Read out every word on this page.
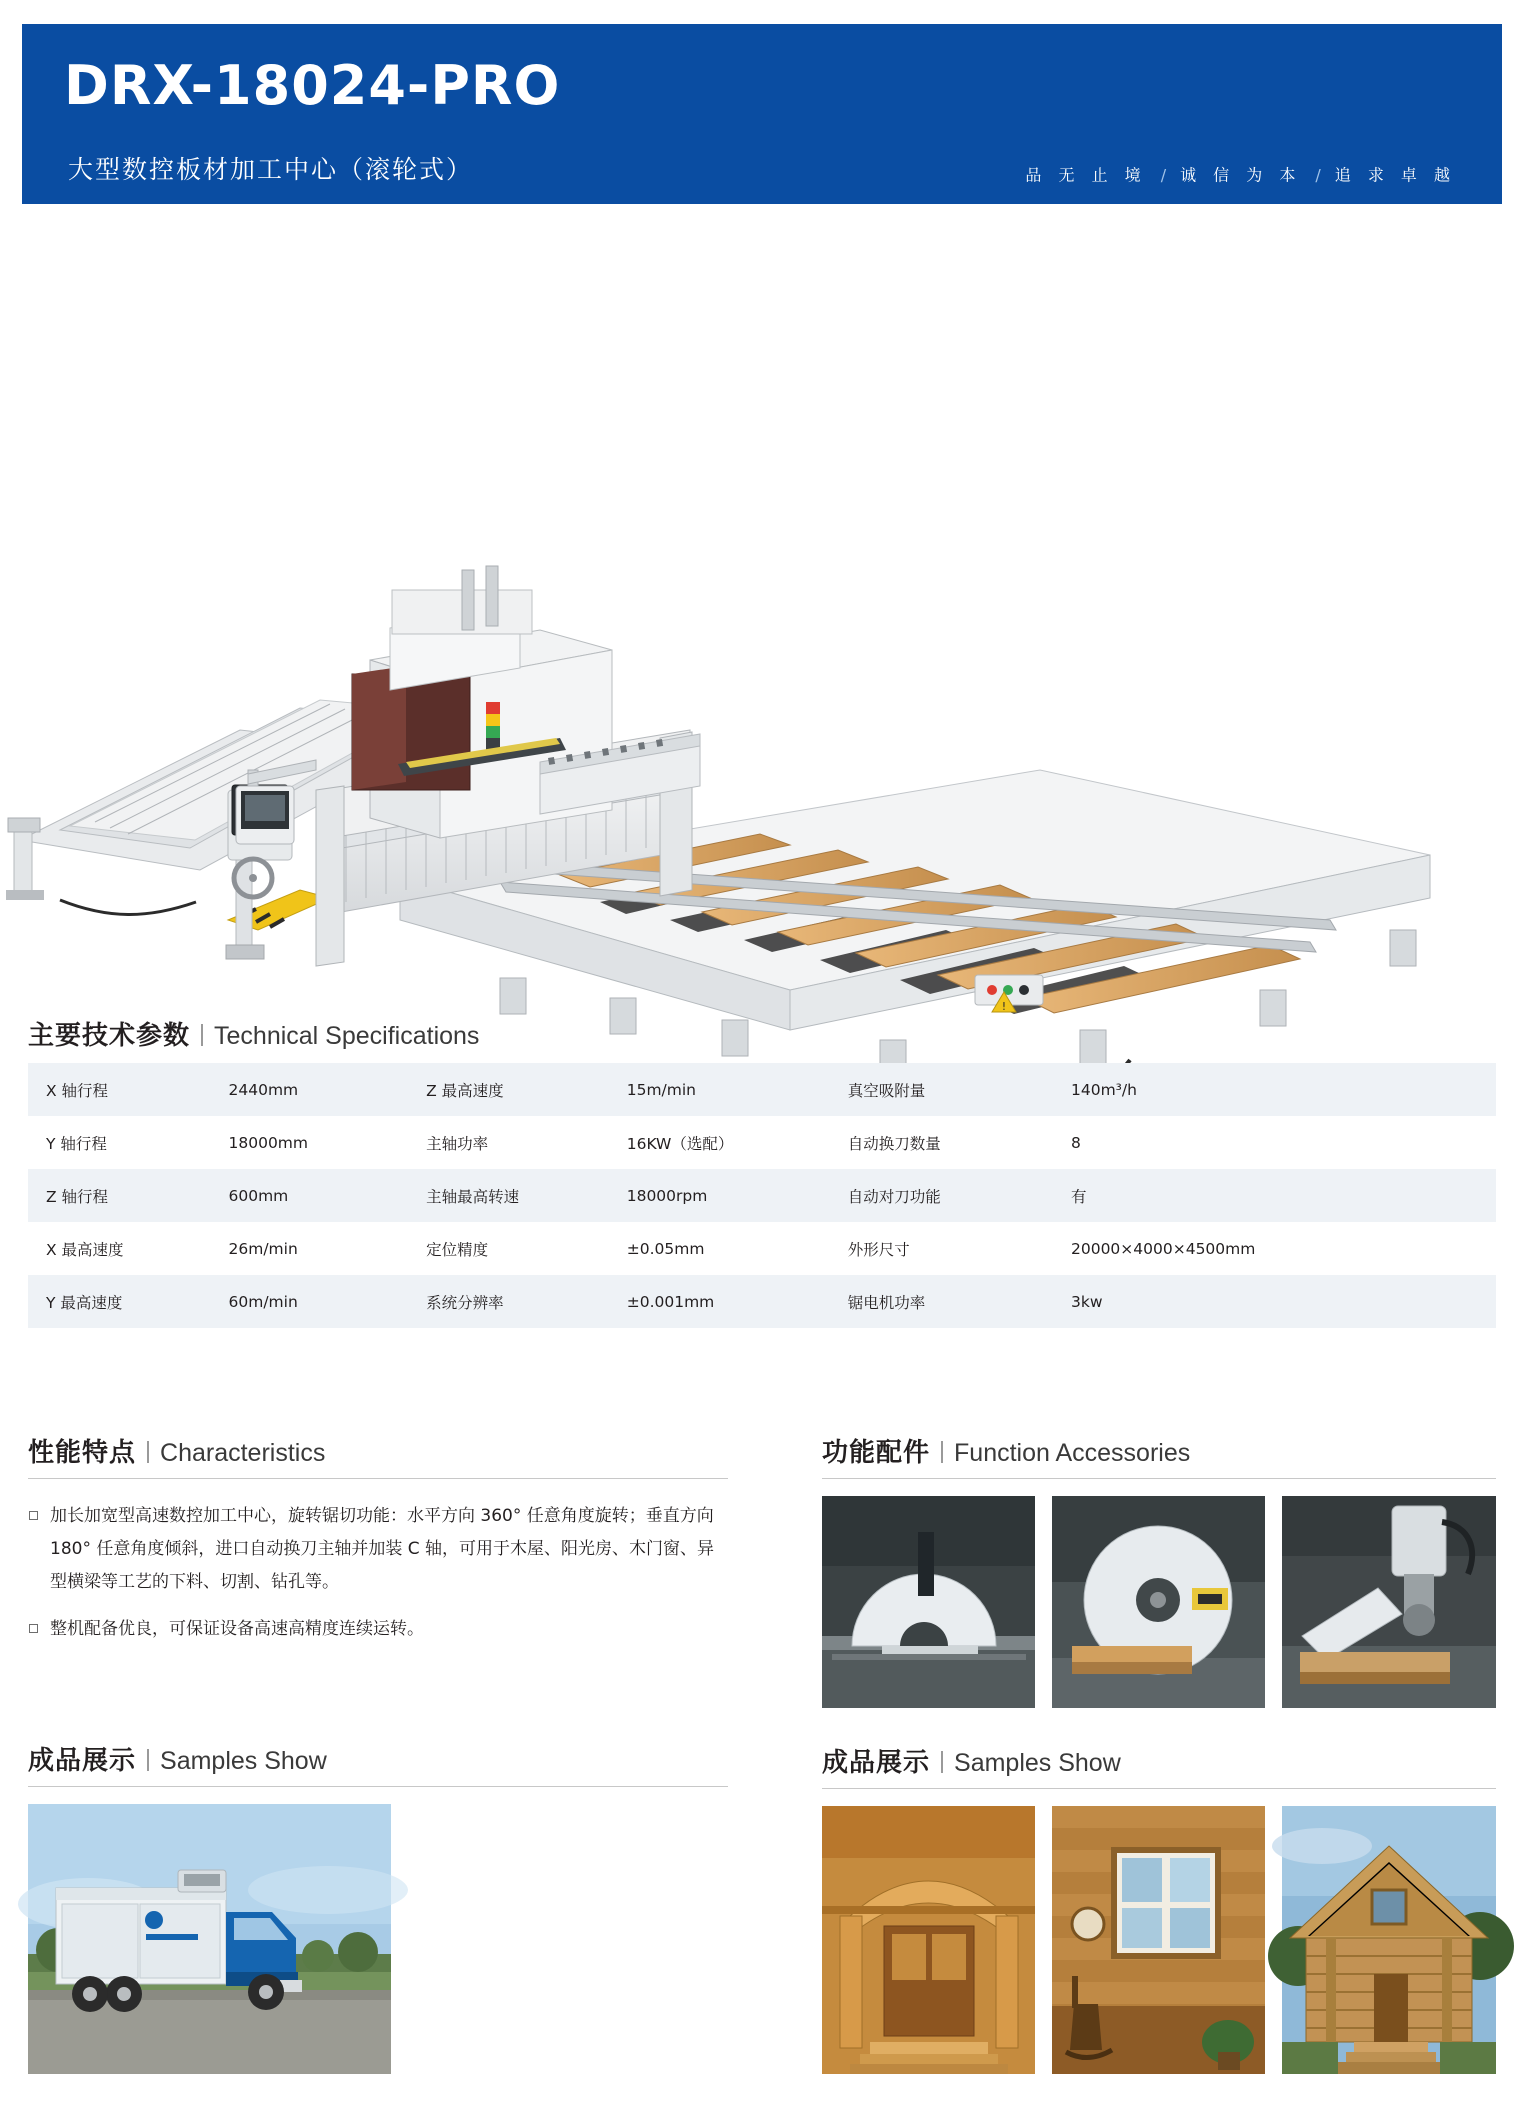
DRX-18024-PRO
大型数控板材加工中心（滚轮式）	品 无 止 境 / 诚 信 为 本 / 追 求 卓 越
!
主要技术参数 Technical Specifications
X 轴行程	2440mm	Z 最高速度	15m/min	真空吸附量	140m³/h
Y 轴行程	18000mm	主轴功率	16KW（选配）	自动换刀数量	8
Z 轴行程	600mm	主轴最高转速	18000rpm	自动对刀功能	有
X 最高速度	26m/min	定位精度	±0.05mm	外形尺寸	20000×4000×4500mm
Y 最高速度	60m/min	系统分辨率	±0.001mm	锯电机功率	3kw
性能特点 Characteristics
加长加宽型高速数控加工中心，旋转锯切功能：水平方向 360° 任意角度旋转；垂直方向 180° 任意角度倾斜，进口自动换刀主轴并加装 C 轴，可用于木屋、阳光房、木门窗、异型横梁等工艺的下料、切割、钻孔等。
整机配备优良，可保证设备高速高精度连续运转。
功能配件 Function Accessories
成品展示 Samples Show	成品展示 Samples Show
